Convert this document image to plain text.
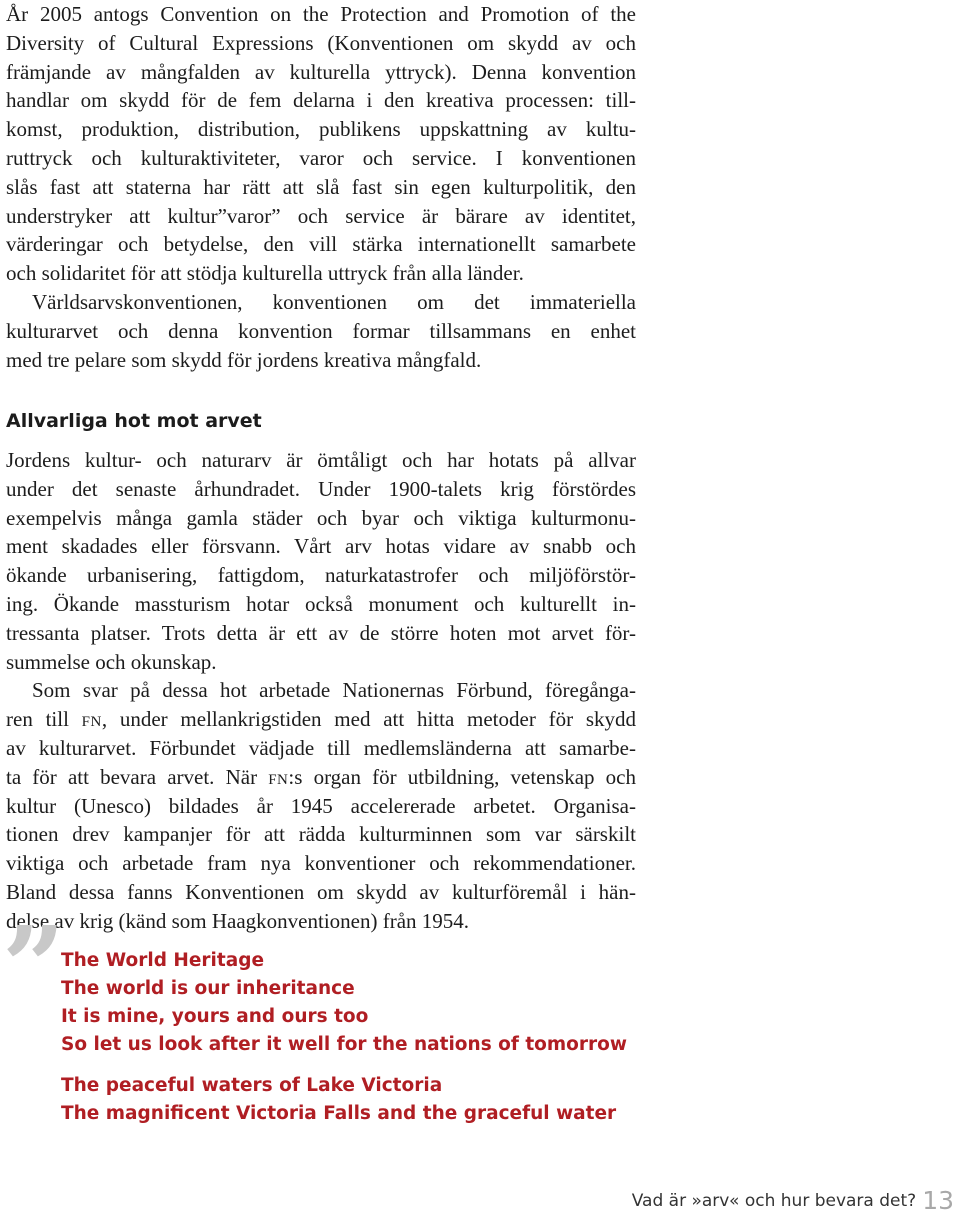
År 2005 antogs Convention on the Protection and Promotion of the
Diversity of Cultural Expressions (Konventionen om skydd av och
främjande av mångfalden av kulturella yttryck). Denna konvention
handlar om skydd för de fem delarna i den kreativa processen: till-
komst, produktion, distribution, publikens uppskattning av kultu-
ruttryck och kulturaktiviteter, varor och service. I konventionen
slås fast att staterna har rätt att slå fast sin egen kulturpolitik, den
understryker att kultur”varor” och service är bärare av identitet,
värderingar och betydelse, den vill stärka internationellt samarbete
och solidaritet för att stödja kulturella uttryck från alla länder.
Världsarvskonventionen, konventionen om det immateriella
kulturarvet och denna konvention formar tillsammans en enhet
med tre pelare som skydd för jordens kreativa mångfald.
Allvarliga hot mot arvet
Jordens kultur- och naturarv är ömtåligt och har hotats på allvar
under det senaste århundradet. Under 1900-talets krig förstördes
exempelvis många gamla städer och byar och viktiga kulturmonu-
ment skadades eller försvann. Vårt arv hotas vidare av snabb och
ökande urbanisering, fattigdom, naturkatastrofer och miljöförstör-
ing. Ökande massturism hotar också monument och kulturellt in-
tressanta platser. Trots detta är ett av de större hoten mot arvet för-
summelse och okunskap.
Som svar på dessa hot arbetade Nationernas Förbund, föregånga-
ren till fn, under mellankrigstiden med att hitta metoder för skydd
av kulturarvet. Förbundet vädjade till medlemsländerna att samarbe-
ta för att bevara arvet. När fn:s organ för utbildning, vetenskap och
kultur (Unesco) bildades år 1945 accelererade arbetet. Organisa-
tionen drev kampanjer för att rädda kulturminnen som var särskilt
viktiga och arbetade fram nya konventioner och rekommendationer.
Bland dessa fanns Konventionen om skydd av kulturföremål i hän-
delse av krig (känd som Haagkonventionen) från 1954.
”
The World Heritage
The world is our inheritance
It is mine, yours and ours too
So let us look after it well for the nations of tomorrow
The peaceful waters of Lake Victoria
The magnificent Victoria Falls and the graceful water
Vad är »arv« och hur bevara det? 13
